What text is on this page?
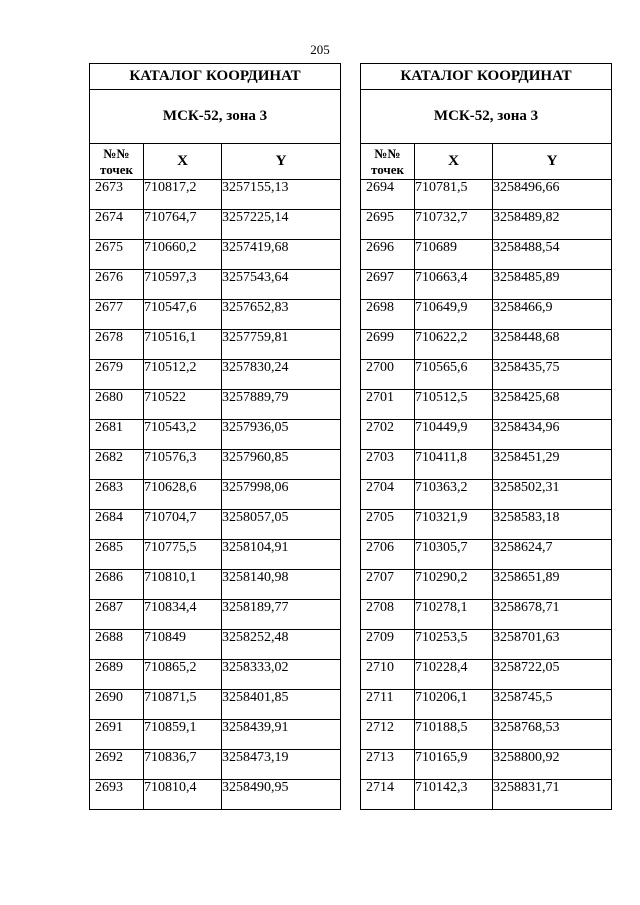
205
КАТАЛОГ КООРДИНАТ		
МСК-52, зона 3		

№№
точек	X	Y
2673	710817,2	3257155,13
2674	710764,7	3257225,14
2675	710660,2	3257419,68
2676	710597,3	3257543,64
2677	710547,6	3257652,83
2678	710516,1	3257759,81
2679	710512,2	3257830,24
2680	710522	3257889,79
2681	710543,2	3257936,05
2682	710576,3	3257960,85
2683	710628,6	3257998,06
2684	710704,7	3258057,05
2685	710775,5	3258104,91
2686	710810,1	3258140,98
2687	710834,4	3258189,77
2688	710849	3258252,48
2689	710865,2	3258333,02
2690	710871,5	3258401,85
2691	710859,1	3258439,91
2692	710836,7	3258473,19
2693	710810,4	3258490,95
КАТАЛОГ КООРДИНАТ		
МСК-52, зона 3		

№№
точек	X	Y
2694	710781,5	3258496,66
2695	710732,7	3258489,82
2696	710689	3258488,54
2697	710663,4	3258485,89
2698	710649,9	3258466,9
2699	710622,2	3258448,68
2700	710565,6	3258435,75
2701	710512,5	3258425,68
2702	710449,9	3258434,96
2703	710411,8	3258451,29
2704	710363,2	3258502,31
2705	710321,9	3258583,18
2706	710305,7	3258624,7
2707	710290,2	3258651,89
2708	710278,1	3258678,71
2709	710253,5	3258701,63
2710	710228,4	3258722,05
2711	710206,1	3258745,5
2712	710188,5	3258768,53
2713	710165,9	3258800,92
2714	710142,3	3258831,71
